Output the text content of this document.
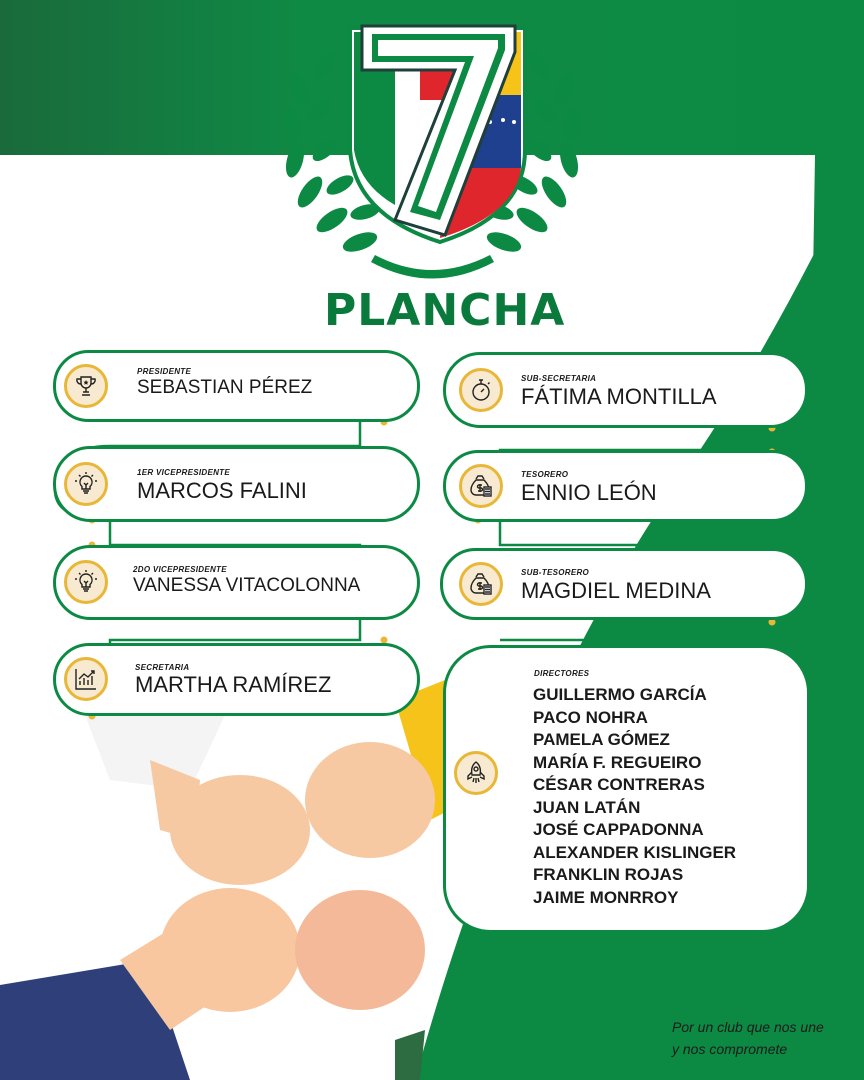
PLANCHA
PRESIDENTE
SEBASTIAN PÉREZ
1ER VICEPRESIDENTE
MARCOS FALINI
2DO VICEPRESIDENTE
VANESSA VITACOLONNA
SECRETARIA
MARTHA RAMÍREZ
SUB-SECRETARIA
FÁTIMA MONTILLA
TESORERO
ENNIO LEÓN
SUB-TESORERO
MAGDIEL MEDINA
DIRECTORES
GUILLERMO GARCÍA
PACO NOHRA
PAMELA GÓMEZ
MARÍA F. REGUEIRO
CÉSAR CONTRERAS
JUAN LATÁN
JOSÉ CAPPADONNA
ALEXANDER KISLINGER
FRANKLIN ROJAS
JAIME MONRROY
Por un club que nos une
y nos compromete
